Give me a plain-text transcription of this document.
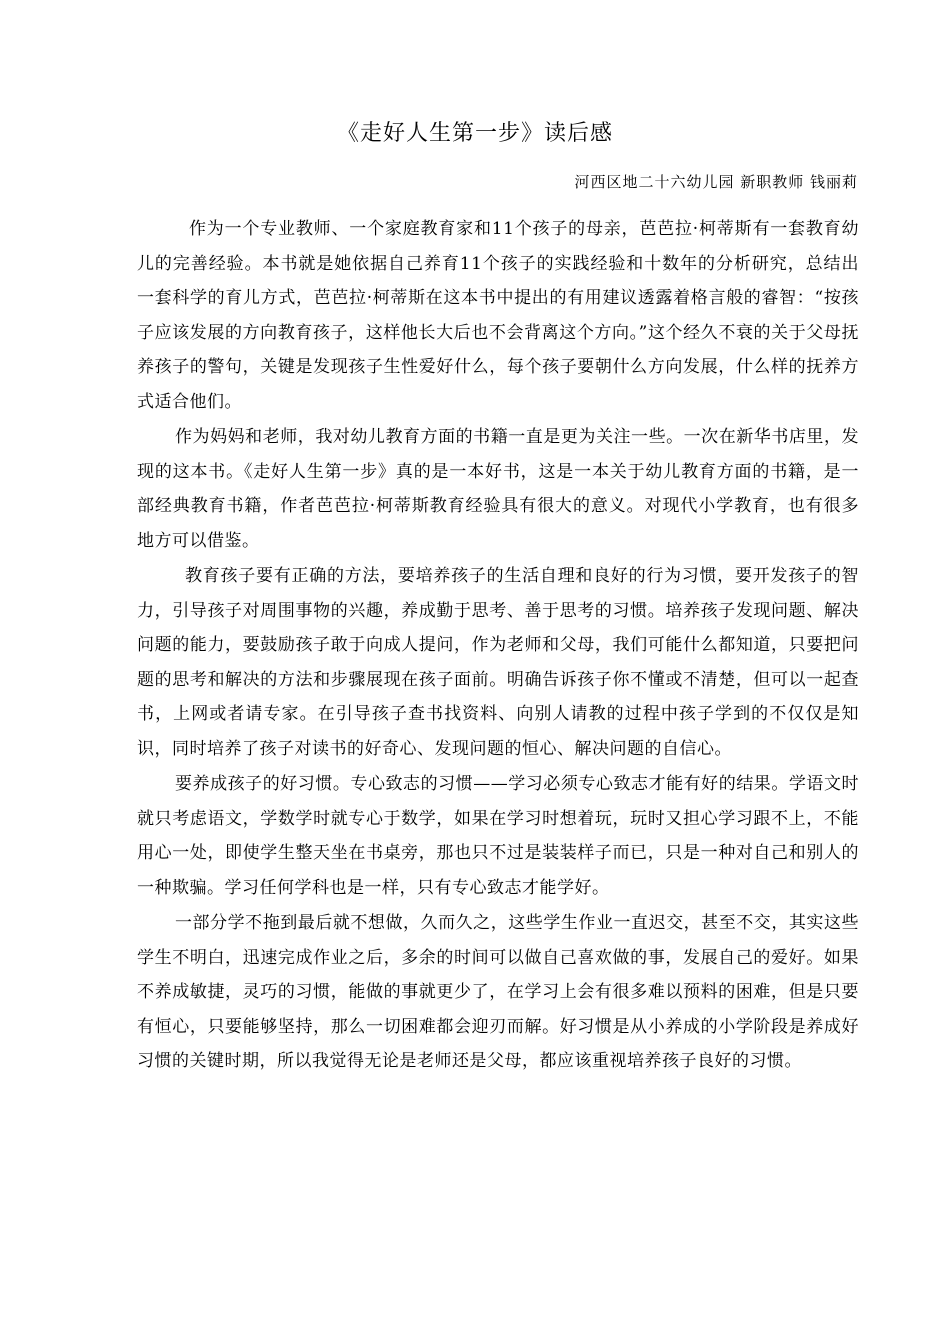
《走好人生第一步》读后感
河西区地二十六幼儿园 新职教师 钱丽莉

作为一个专业教师、一个家庭教育家和11个孩子的母亲，芭芭拉·柯蒂斯有一套教育幼儿的完善经验。本书就是她依据自己养育11个孩子的实践经验和十数年的分析研究，总结出一套科学的育儿方式，芭芭拉·柯蒂斯在这本书中提出的有用建议透露着格言般的睿智：“按孩子应该发展的方向教育孩子，这样他长大后也不会背离这个方向。”这个经久不衰的关于父母抚养孩子的警句，关键是发现孩子生性爱好什么，每个孩子要朝什么方向发展，什么样的抚养方式适合他们。

作为妈妈和老师，我对幼儿教育方面的书籍一直是更为关注一些。一次在新华书店里，发现的这本书。《走好人生第一步》真的是一本好书，这是一本关于幼儿教育方面的书籍，是一部经典教育书籍，作者芭芭拉·柯蒂斯教育经验具有很大的意义。对现代小学教育，也有很多地方可以借鉴。

教育孩子要有正确的方法，要培养孩子的生活自理和良好的行为习惯，要开发孩子的智力，引导孩子对周围事物的兴趣，养成勤于思考、善于思考的习惯。培养孩子发现问题、解决问题的能力，要鼓励孩子敢于向成人提问，作为老师和父母，我们可能什么都知道，只要把问题的思考和解决的方法和步骤展现在孩子面前。明确告诉孩子你不懂或不清楚，但可以一起查书，上网或者请专家。在引导孩子查书找资料、向别人请教的过程中孩子学到的不仅仅是知识，同时培养了孩子对读书的好奇心、发现问题的恒心、解决问题的自信心。

要养成孩子的好习惯。专心致志的习惯——学习必须专心致志才能有好的结果。学语文时就只考虑语文，学数学时就专心于数学，如果在学习时想着玩，玩时又担心学习跟不上，不能用心一处，即使学生整天坐在书桌旁，那也只不过是装装样子而已，只是一种对自己和别人的一种欺骗。学习任何学科也是一样，只有专心致志才能学好。

一部分学不拖到最后就不想做，久而久之，这些学生作业一直迟交，甚至不交，其实这些学生不明白，迅速完成作业之后，多余的时间可以做自己喜欢做的事，发展自己的爱好。如果不养成敏捷，灵巧的习惯，能做的事就更少了，在学习上会有很多难以预料的困难，但是只要有恒心，只要能够坚持，那么一切困难都会迎刃而解。好习惯是从小养成的小学阶段是养成好习惯的关键时期，所以我觉得无论是老师还是父母，都应该重视培养孩子良好的习惯。
